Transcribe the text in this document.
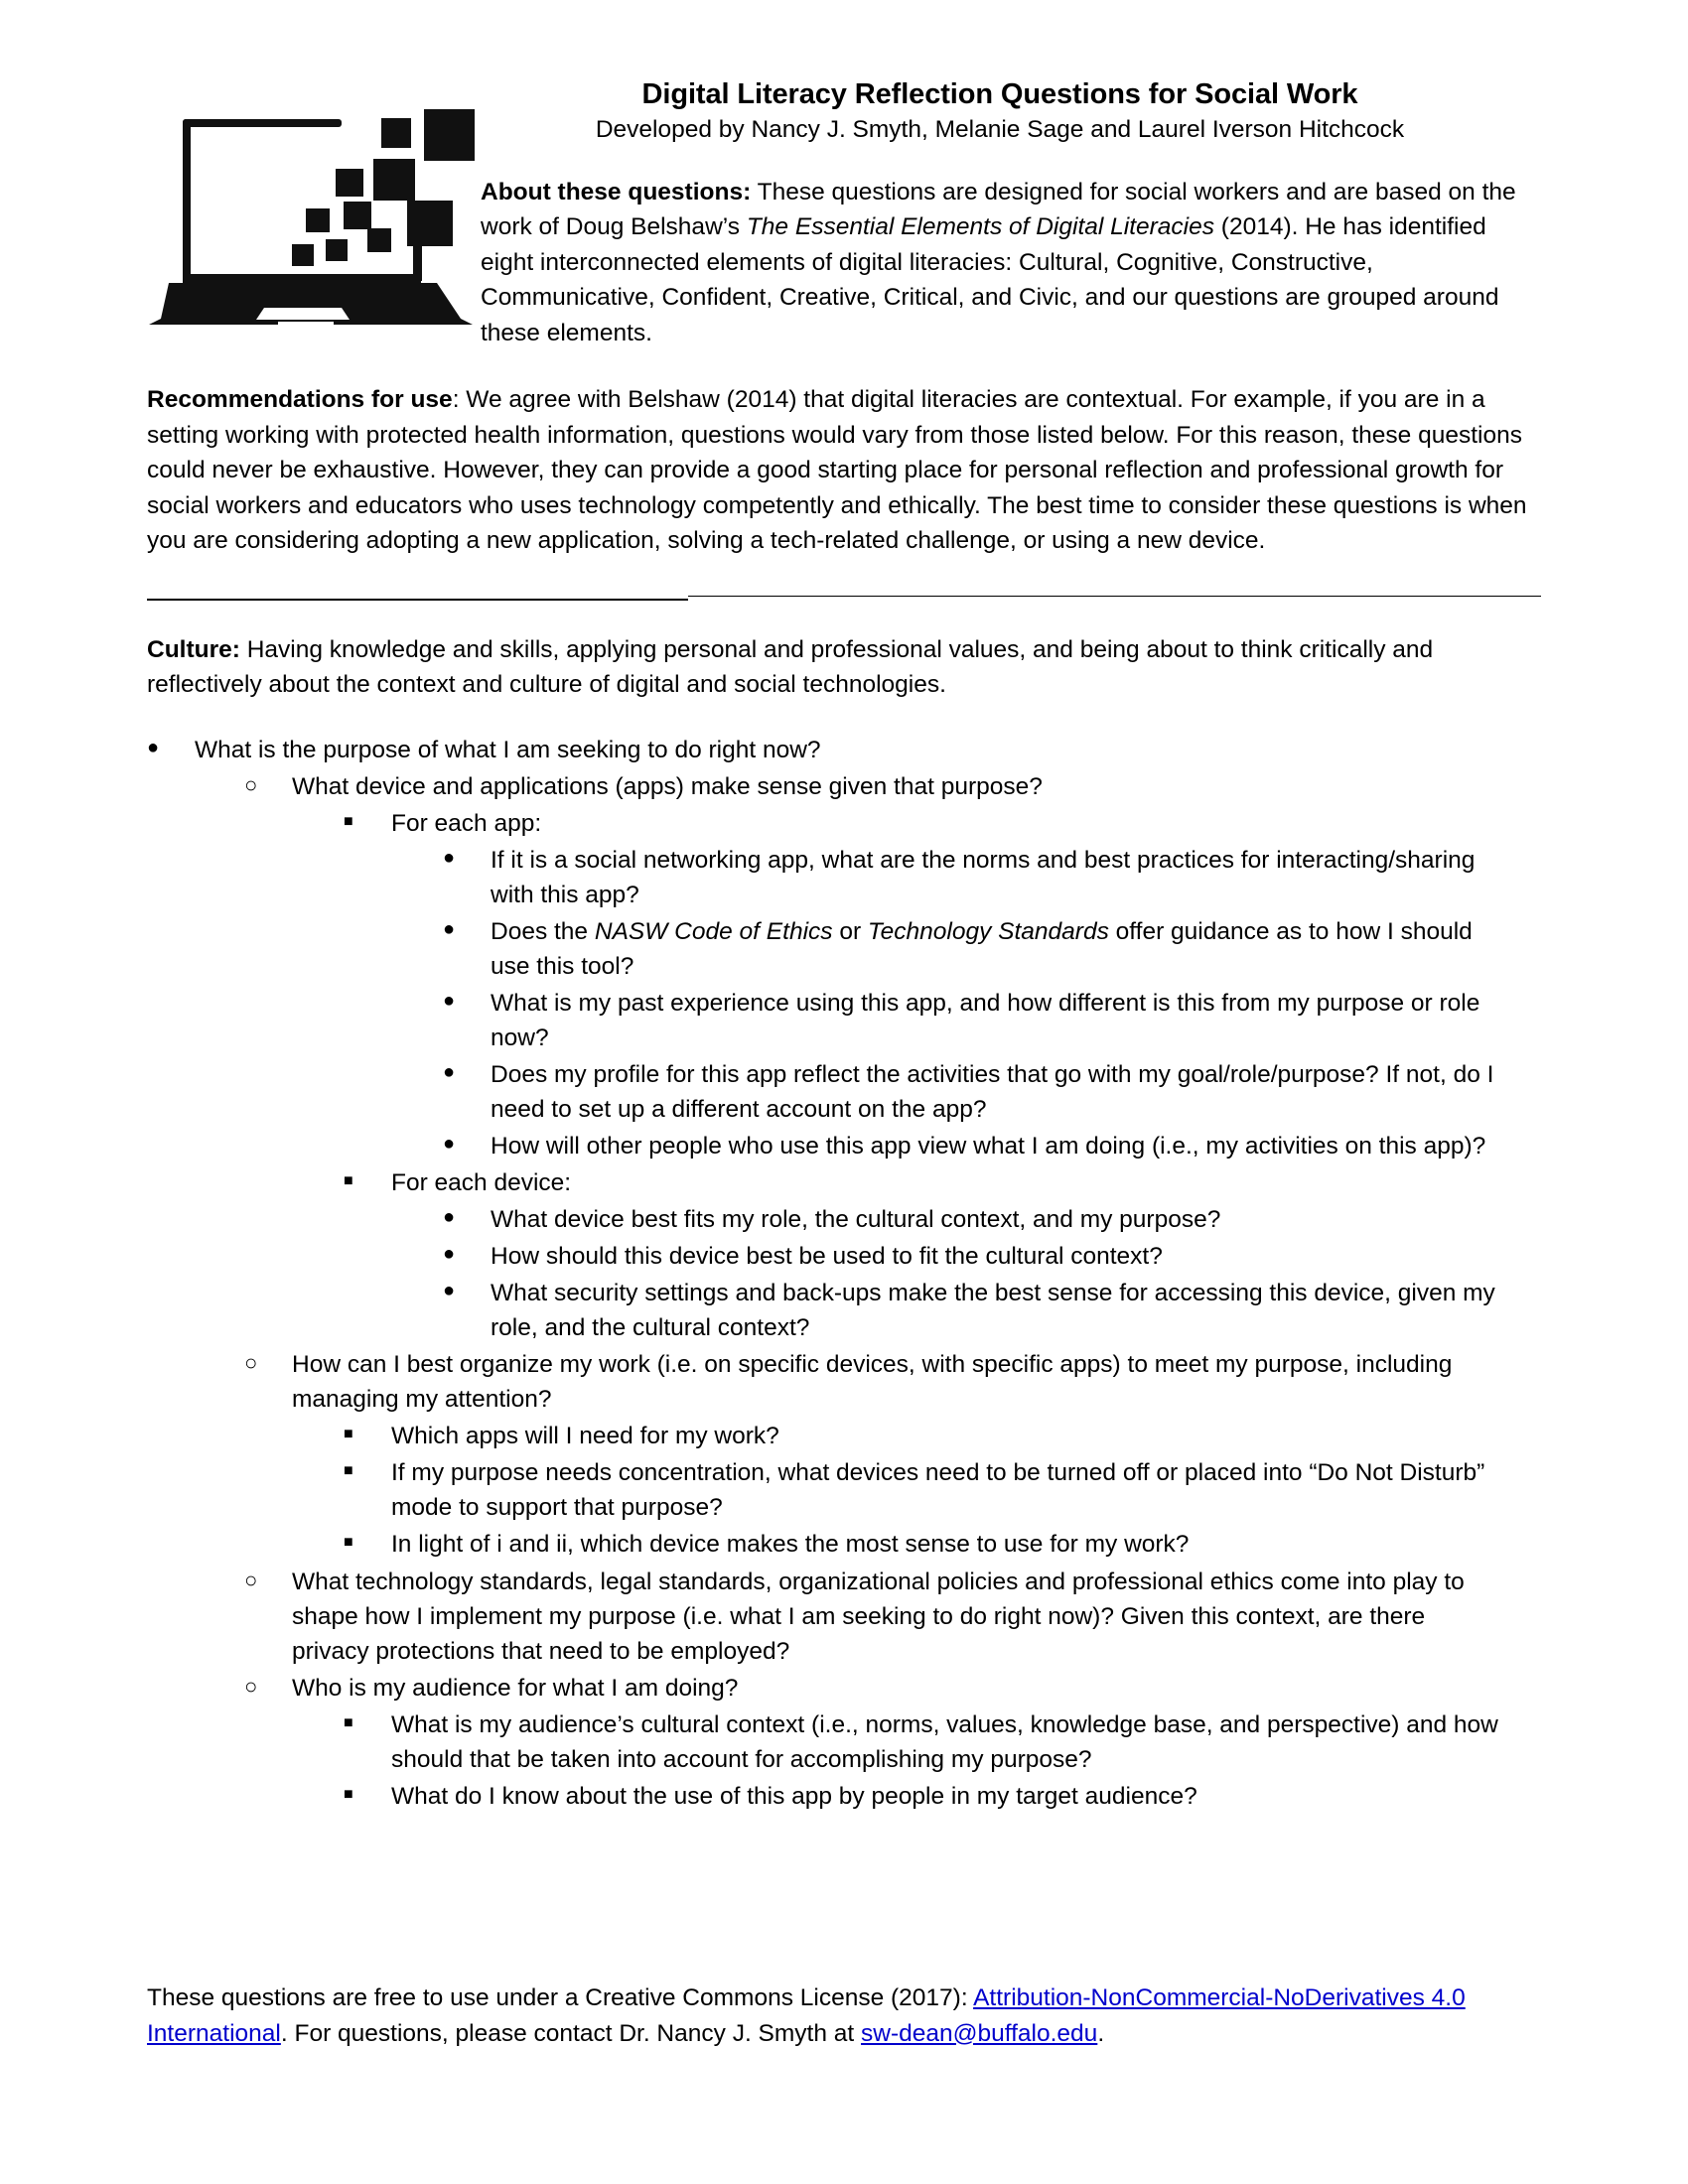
Digital Literacy Reflection Questions for Social Work
Developed by Nancy J. Smyth, Melanie Sage and Laurel Iverson Hitchcock

About these questions: These questions are designed for social workers and are based on the work of Doug Belshaw’s The Essential Elements of Digital Literacies (2014). He has identified eight interconnected elements of digital literacies: Cultural, Cognitive, Constructive, Communicative, Confident, Creative, Critical, and Civic, and our questions are grouped around these elements.

Recommendations for use: We agree with Belshaw (2014) that digital literacies are contextual. For example, if you are in a setting working with protected health information, questions would vary from those listed below. For this reason, these questions could never be exhaustive. However, they can provide a good starting place for personal reflection and professional growth for social workers and educators who uses technology competently and ethically. The best time to consider these questions is when you are considering adopting a new application, solving a tech-related challenge, or using a new device.

Culture: Having knowledge and skills, applying personal and professional values, and being about to think critically and reflectively about the context and culture of digital and social technologies.

●	What is the purpose of what I am seeking to do right now?
○	What device and applications (apps) make sense given that purpose?
■	For each app:
●	If it is a social networking app, what are the norms and best practices for interacting/sharing with this app?
●	Does the NASW Code of Ethics or Technology Standards offer guidance as to how I should use this tool?
●	What is my past experience using this app, and how different is this from my purpose or role now?
●	Does my profile for this app reflect the activities that go with my goal/role/purpose? If not, do I need to set up a different account on the app?
●	How will other people who use this app view what I am doing (i.e., my activities on this app)?
■	For each device:
●	What device best fits my role, the cultural context, and my purpose?
●	How should this device best be used to fit the cultural context?
●	What security settings and back-ups make the best sense for accessing this device, given my role, and the cultural context?
○	How can I best organize my work (i.e. on specific devices, with specific apps) to meet my purpose, including managing my attention?
■	Which apps will I need for my work?
■	If my purpose needs concentration, what devices need to be turned off or placed into “Do Not Disturb” mode to support that purpose?
■	In light of i and ii, which device makes the most sense to use for my work?
○	What technology standards, legal standards, organizational policies and professional ethics come into play to shape how I implement my purpose (i.e. what I am seeking to do right now)? Given this context, are there privacy protections that need to be employed?
○	Who is my audience for what I am doing?
■	What is my audience’s cultural context (i.e., norms, values, knowledge base, and perspective) and how should that be taken into account for accomplishing my purpose?
■	What do I know about the use of this app by people in my target audience?
These questions are free to use under a Creative Commons License (2017): Attribution-NonCommercial-NoDerivatives 4.0 International. For questions, please contact Dr. Nancy J. Smyth at sw-dean@buffalo.edu.
